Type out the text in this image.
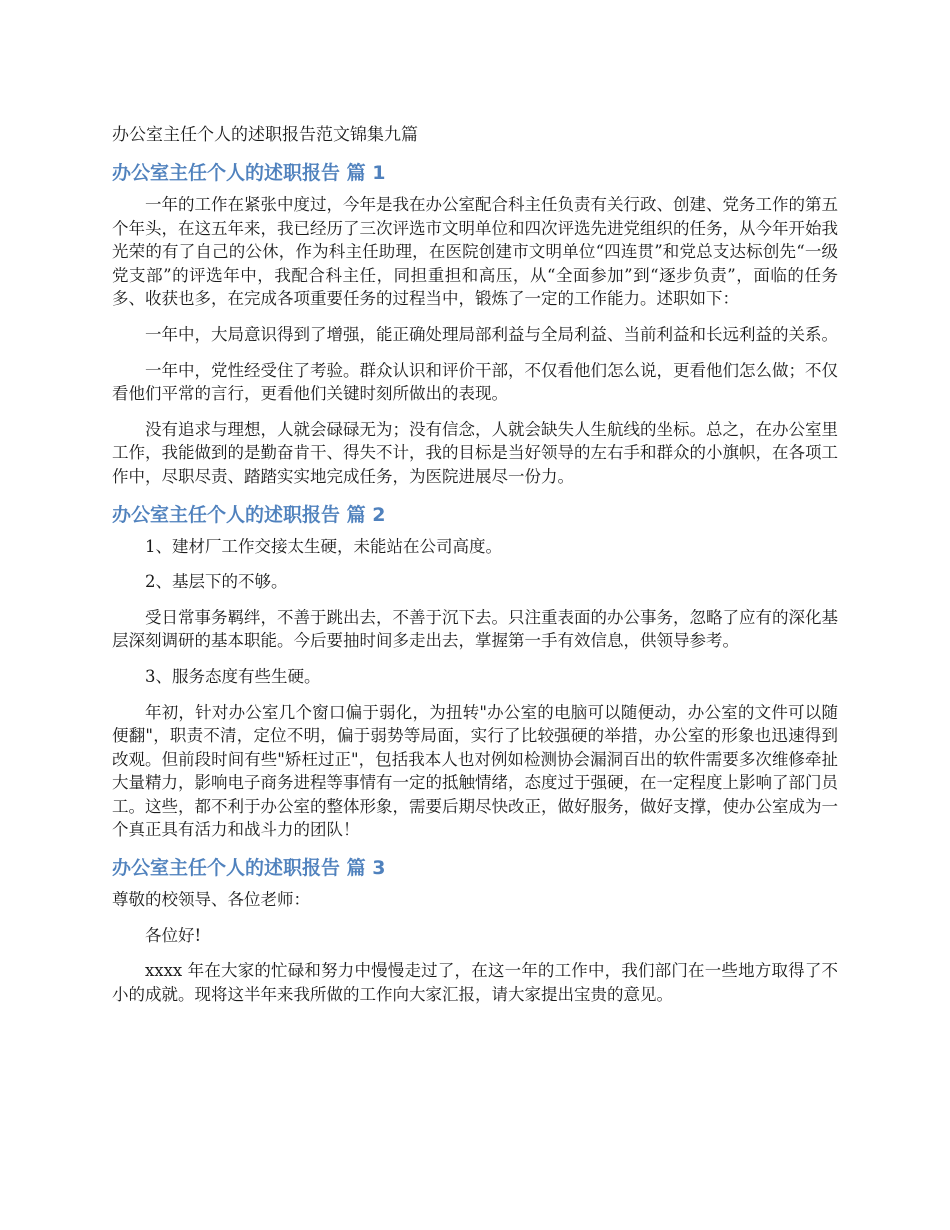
办公室主任个人的述职报告范文锦集九篇

办公室主任个人的述职报告 篇 1

一年的工作在紧张中度过，今年是我在办公室配合科主任负责有关行政、创建、党务工作的第五个年头，在这五年来，我已经历了三次评选市文明单位和四次评选先进党组织的任务，从今年开始我光荣的有了自己的公休，作为科主任助理，在医院创建市文明单位“四连贯”和党总支达标创先“一级党支部”的评选年中，我配合科主任，同担重担和高压，从“全面参加”到“逐步负责”，面临的任务多、收获也多，在完成各项重要任务的过程当中，锻炼了一定的工作能力。述职如下：

一年中，大局意识得到了增强，能正确处理局部利益与全局利益、当前利益和长远利益的关系。

一年中，党性经受住了考验。群众认识和评价干部，不仅看他们怎么说，更看他们怎么做；不仅看他们平常的言行，更看他们关键时刻所做出的表现。

没有追求与理想，人就会碌碌无为；没有信念，人就会缺失人生航线的坐标。总之，在办公室里工作，我能做到的是勤奋肯干、得失不计，我的目标是当好领导的左右手和群众的小旗帜，在各项工作中，尽职尽责、踏踏实实地完成任务，为医院进展尽一份力。

办公室主任个人的述职报告 篇 2

1、建材厂工作交接太生硬，未能站在公司高度。

2、基层下的不够。

受日常事务羁绊，不善于跳出去，不善于沉下去。只注重表面的办公事务，忽略了应有的深化基层深刻调研的基本职能。今后要抽时间多走出去，掌握第一手有效信息，供领导参考。

3、服务态度有些生硬。

年初，针对办公室几个窗口偏于弱化，为扭转"办公室的电脑可以随便动，办公室的文件可以随便翻"，职责不清，定位不明，偏于弱势等局面，实行了比较强硬的举措，办公室的形象也迅速得到改观。但前段时间有些"矫枉过正"，包括我本人也对例如检测协会漏洞百出的软件需要多次维修牵扯大量精力，影响电子商务进程等事情有一定的抵触情绪，态度过于强硬，在一定程度上影响了部门员工。这些，都不利于办公室的整体形象，需要后期尽快改正，做好服务，做好支撑，使办公室成为一个真正具有活力和战斗力的团队！

办公室主任个人的述职报告 篇 3

尊敬的校领导、各位老师：

各位好!

xxxx 年在大家的忙碌和努力中慢慢走过了，在这一年的工作中，我们部门在一些地方取得了不小的成就。现将这半年来我所做的工作向大家汇报，请大家提出宝贵的意见。
